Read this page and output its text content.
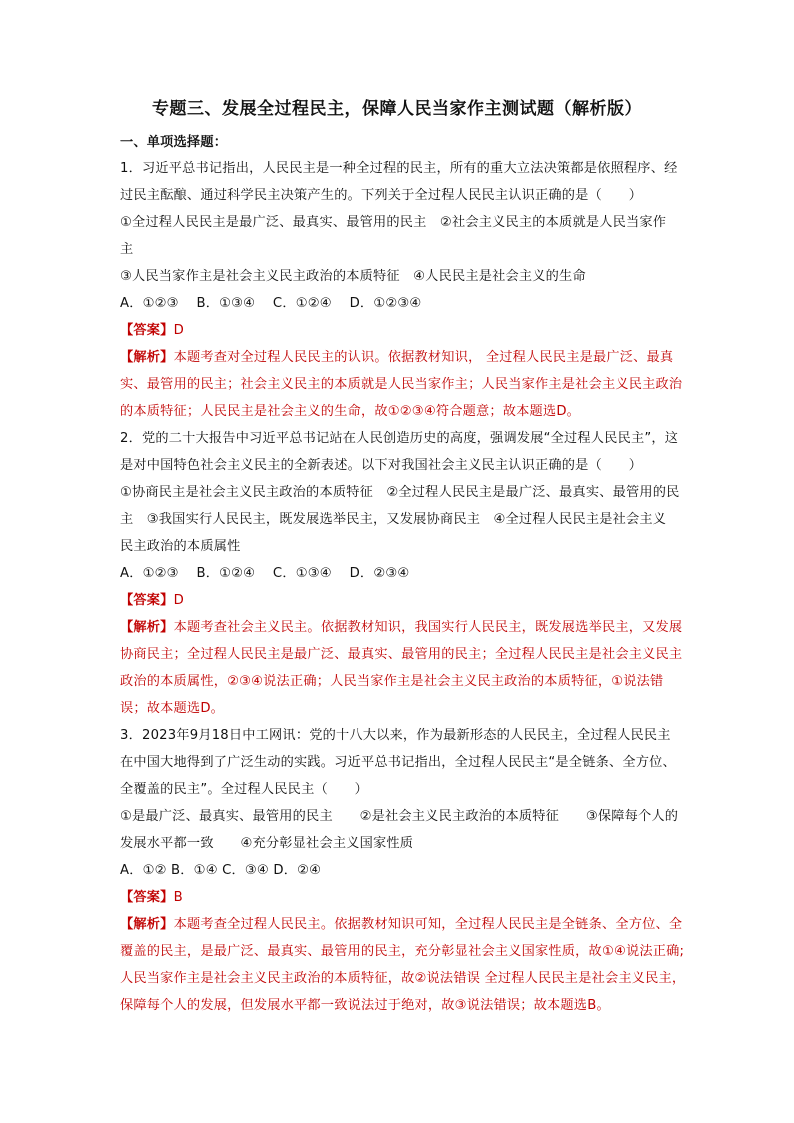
专题三、发展全过程民主，保障人民当家作主测试题（解析版）
一、单项选择题：
1．习近平总书记指出，人民民主是一种全过程的民主，所有的重大立法决策都是依照程序、经
过民主酝酿、通过科学民主决策产生的。下列关于全过程人民民主认识正确的是（　　）
①全过程人民民主是最广泛、最真实、最管用的民主　②社会主义民主的本质就是人民当家作
主
③人民当家作主是社会主义民主政治的本质特征　④人民民主是社会主义的生命
A．①②③　 B．①③④　 C．①②④　 D．①②③④
【答案】D
【解析】本题考查对全过程人民民主的认识。依据教材知识， 全过程人民民主是最广泛、最真
实、最管用的民主；社会主义民主的本质就是人民当家作主；人民当家作主是社会主义民主政治
的本质特征；人民民主是社会主义的生命，故①②③④符合题意；故本题选D。
2．党的二十大报告中习近平总书记站在人民创造历史的高度，强调发展“全过程人民民主”，这
是对中国特色社会主义民主的全新表述。以下对我国社会主义民主认识正确的是（　　）
①协商民主是社会主义民主政治的本质特征　②全过程人民民主是最广泛、最真实、最管用的民
主　③我国实行人民民主，既发展选举民主，又发展协商民主　④全过程人民民主是社会主义
民主政治的本质属性
A．①②③　 B．①②④　 C．①③④　 D．②③④
【答案】D
【解析】本题考查社会主义民主。依据教材知识，我国实行人民民主，既发展选举民主，又发展
协商民主；全过程人民民主是最广泛、最真实、最管用的民主；全过程人民民主是社会主义民主
政治的本质属性，②③④说法正确；人民当家作主是社会主义民主政治的本质特征，①说法错
误；故本题选D。
3．2023年9月18日中工网讯：党的十八大以来，作为最新形态的人民民主，全过程人民民主
在中国大地得到了广泛生动的实践。习近平总书记指出，全过程人民民主“是全链条、全方位、
全覆盖的民主”。全过程人民民主（　　）
①是最广泛、最真实、最管用的民主　　②是社会主义民主政治的本质特征　　③保障每个人的
发展水平都一致　　④充分彰显社会主义国家性质
A．①② B．①④ C．③④ D．②④
【答案】B
【解析】本题考查全过程人民民主。依据教材知识可知，全过程人民民主是全链条、全方位、全
覆盖的民主，是最广泛、最真实、最管用的民主，充分彰显社会主义国家性质，故①④说法正确;
人民当家作主是社会主义民主政治的本质特征，故②说法错误 全过程人民民主是社会主义民主，
保障每个人的发展，但发展水平都一致说法过于绝对，故③说法错误；故本题选B。
